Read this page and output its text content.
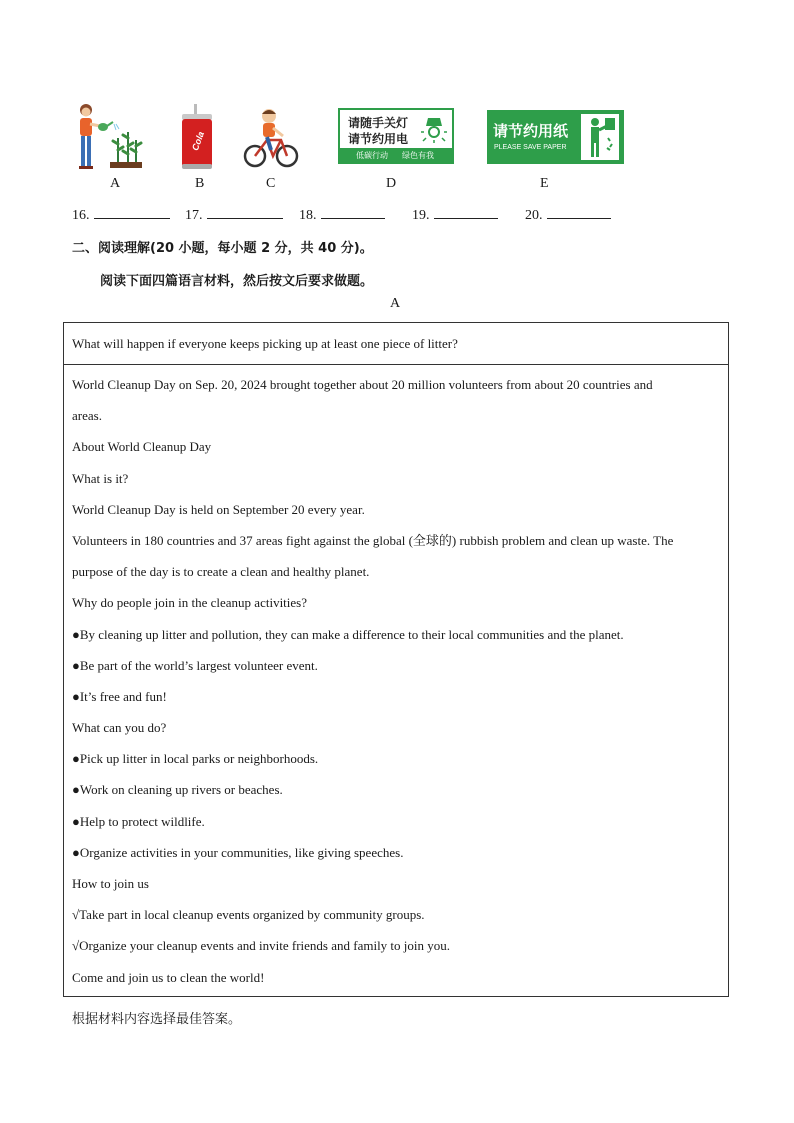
Cola
请随手关灯
请节约用电
低碳行动 绿色有我
请节约用纸
PLEASE SAVE PAPER
A	B	C	D	E
16.	17.	18.	19.	20.
二、阅读理解(20 小题，每小题 2 分，共 40 分)。
阅读下面四篇语言材料，然后按文后要求做题。
A
What will happen if everyone keeps picking up at least one piece of litter?
World Cleanup Day on Sep. 20, 2024 brought together about 20 million volunteers from about 20 countries and
areas.
About World Cleanup Day
What is it?
World Cleanup Day is held on September 20 every year.
Volunteers in 180 countries and 37 areas fight against the global (全球的) rubbish problem and clean up waste. The
purpose of the day is to create a clean and healthy planet.
Why do people join in the cleanup activities?
●By cleaning up litter and pollution, they can make a difference to their local communities and the planet.
●Be part of the world’s largest volunteer event.
●It’s free and fun!
What can you do?
●Pick up litter in local parks or neighborhoods.
●Work on cleaning up rivers or beaches.
●Help to protect wildlife.
●Organize activities in your communities, like giving speeches.
How to join us
√Take part in local cleanup events organized by community groups.
√Organize your cleanup events and invite friends and family to join you.
Come and join us to clean the world!
根据材料内容选择最佳答案。
